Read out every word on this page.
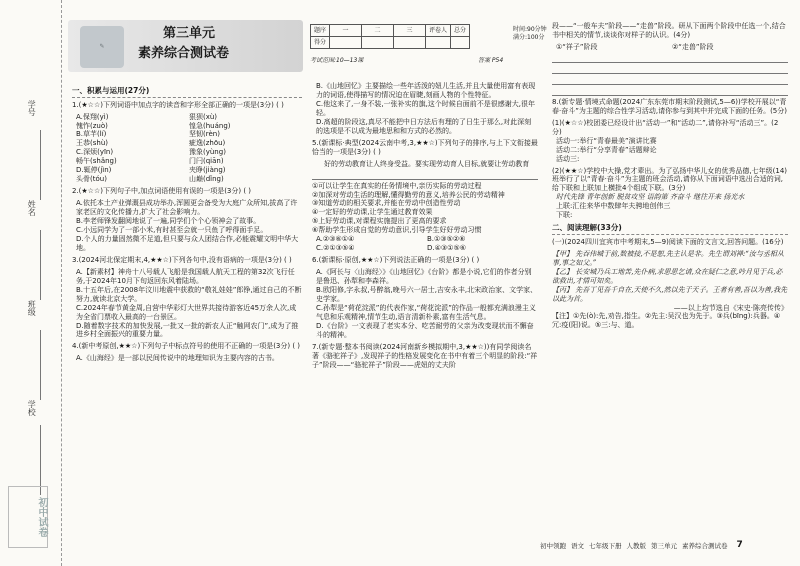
学号
姓名
班级
学校
初中试卷
✎
第三单元
素养综合测试卷
题序	一	二	三	评卷人	总分
得分					
时间:90分钟
满分:100分
考试范围:10—13课	答案 P54
一、积累与运用(27分)
1.(★☆☆)下列词语中加点字的读音和字形全部正确的一项是(3分) ( )
A.保翔(yì)	狠狈(xù)
愧怍(zuò)	惶急(huáng)
B.草芊(lí)	坚韧(rèn)
王恭(shù)	疵逸(zhōu)
C.深烦(yīn)	豫象(yùng)
畅午(shǎng)	门闩(qiān)
D.辄停(jìn)	夹睁(jiàng)
头骨(tóu)	山巅(dǐng)
2.(★☆☆)下列句子中,加点词语使用有误的一项是(3分) ( )
A.依托本土产业弹溉县成功举办,浑圆更会备受为大庭广众所知,拔高了许家老区的文化传播力,扩大了社会影响力。
B.李老师锋发翻阅地说了一遍,同学们个个心领神会了故事。
C.小远同学为了一部小米,有时甚至会就一只鱼了呼得面手足。
D.个人的力量固然微不足道,但只要与众人团结合作,必能震耀文明中华大地。
3.(2024河北保定期末,4,★★☆)下列各句中,没有语病的一项是(3分) ( )
A.【新素材】神舟十八号载人飞船是我国载人航天工程的第32次飞行任务,于2024年10月下旬返回东风着陆场。
B.十五年后,在2008年汶川地震中获救的“敬礼娃娃”郎铮,通过自己的不断努力,就读北京大学。
C.2024年春节黄金周,自营中华彩灯大世界共接待游客近45万余人次,成为全省门票收入最高的一台景区。
D.随着数字技术的加快发展,一批又一批的新农人正“触网农门”,成为了推进乡村全面振兴的重要力量。
4.(新中考原创,★★☆)下列句子中标点符号的使用不正确的一项是(3分) ( )
A.《山海经》是一部以民间传说中的地理知识为主要内容的古书。
B.《山地回忆》主要描绘一些年活泼的妞儿生活,并且大量使用富有表现力的词语,使得描写的情况迫在眉睫,刻画人物的个性特征。
C.他这来了,一身不装,一张补实的旗,这个时候自面前不是很感谢大,很年轻。
D.髙超的阶段这,真尽不能把中日方法后有理的了日生于那么,对此深刻的选项是不以成为最地思和和方式的必然的。
5.(新课标·典型(2024云南中考,3,★★☆)下列句子的排序,与上下文衔接最恰当的一项是(3分) ( )
好的劳动教育让人终身受益。要实现劳动育人目标,就要让劳动教育
①可以让学生在真实的任务情境中,亲历实际的劳动过程
②加深对劳动生活的理解,懂得勤劳的意义,培养公民的劳动精神
③知道劳动的相关要求,并能在劳动中创造性劳动
④一定好的劳动课,让学生通过教育效果
⑤上好劳动课,对课程实施提出了更高的要求
⑥帮助学生形成自觉的劳动意识,引导学生好好劳动习惯
A.②③⑥①④	B.①③⑤②⑥
C.②①③⑤④	D.④③①⑤⑥
6.(新课标·原创,★★☆)下列说法正确的一项是(3分) ( )
A.《阿长与〈山海经〉》《山地回忆》《台阶》都是小说,它们的作者分别是鲁迅、孙犁和李森祥。
B.欧阳修,字永叔,号醉翁,晚号六一居士,吉安永丰,北宋政治家、文学家、史学家。
C.孙犁是“荷花淀派”的代表作家,“荷花淀派”的作品一般都充满浪漫主义气息和乐观精神,情节生动,语言清新朴素,富有生活气息。
D.《台阶》一文表现了老实本分、吃苦耐劳的父亲为改变现状而不懈奋斗的精神。
7.(新专题·整本书阅读(2024河南新乡模拟期中,3,★★☆))有同学阅读名著《骆驼祥子》,发现祥子的性格发展变化在书中有着三个明显的阶段:“祥子”阶段——“骆驼祥子”阶段——虎妞的丈夫阶
段——“一般车夫”阶段——“走兽”阶段。研从下面两个阶段中任选一个,结合书中相关的情节,谈谈你对样子的认识。(4分)
①“祥子”阶段	②“走兽”阶段
8.(新专题·情境式命题(2024广东东莞市期末阶段测试,5—6))学校开展以“青春·奋斗”为主题的综合性学习活动,请你参与到其中并完成下面的任务。(5分)
(1)(★☆☆)校团委已经设计出“活动一”和“活动二”,请你补写“活动三”。(2分)
活动一:举行“青春最美”演讲比赛
活动二:举行“分享青春”话题辩论
活动三:
(2)(★★☆)学校中大操,党才辈出。为了弘扬中华儿女的优秀品德,七年级(14)班举行了以“青春·奋斗”为主题的班会活动,请你从下面词语中选出合适的词,给下联和上联加上横批4个组成下联。(3分)
时代先锋 青年创新 脱贫攻坚 语韵第 齐奋斗 继往开来 扬光水
上联:汇往来华中数肆年夫骋地创伟三
下联:
二、阅读理解(33分)
(一)(2024四川宜宾市中考期末,5—9)阅读下面的文言文,回答问题。(16分)
【甲】 先吞伟城于前,数被接,不是恕,先主认是非。先生谓刘禅:“汝与丞相从事,事之如父。”
【乙】 长安城乃兵工地苦,先仆病,求思思乞请,众在疑仁之意,吟月见于兵,必欲救出,才情可知矣。
【丙】 先吾丁见吾千自在,天使不久,然以先于天子。王者有善,吾以为善,我先以此为首。
——以上均节选自《宋史·陈亮传传》
【注】①先(ò):先,劝告,指生。②先主:吴汉也为先于。③兵(bīng):兵器。④冗:疫(阳)说。⑤三:与、道。
初中领跑 语文 七年级下册 人教版 第三单元 素养综合测试卷 7
